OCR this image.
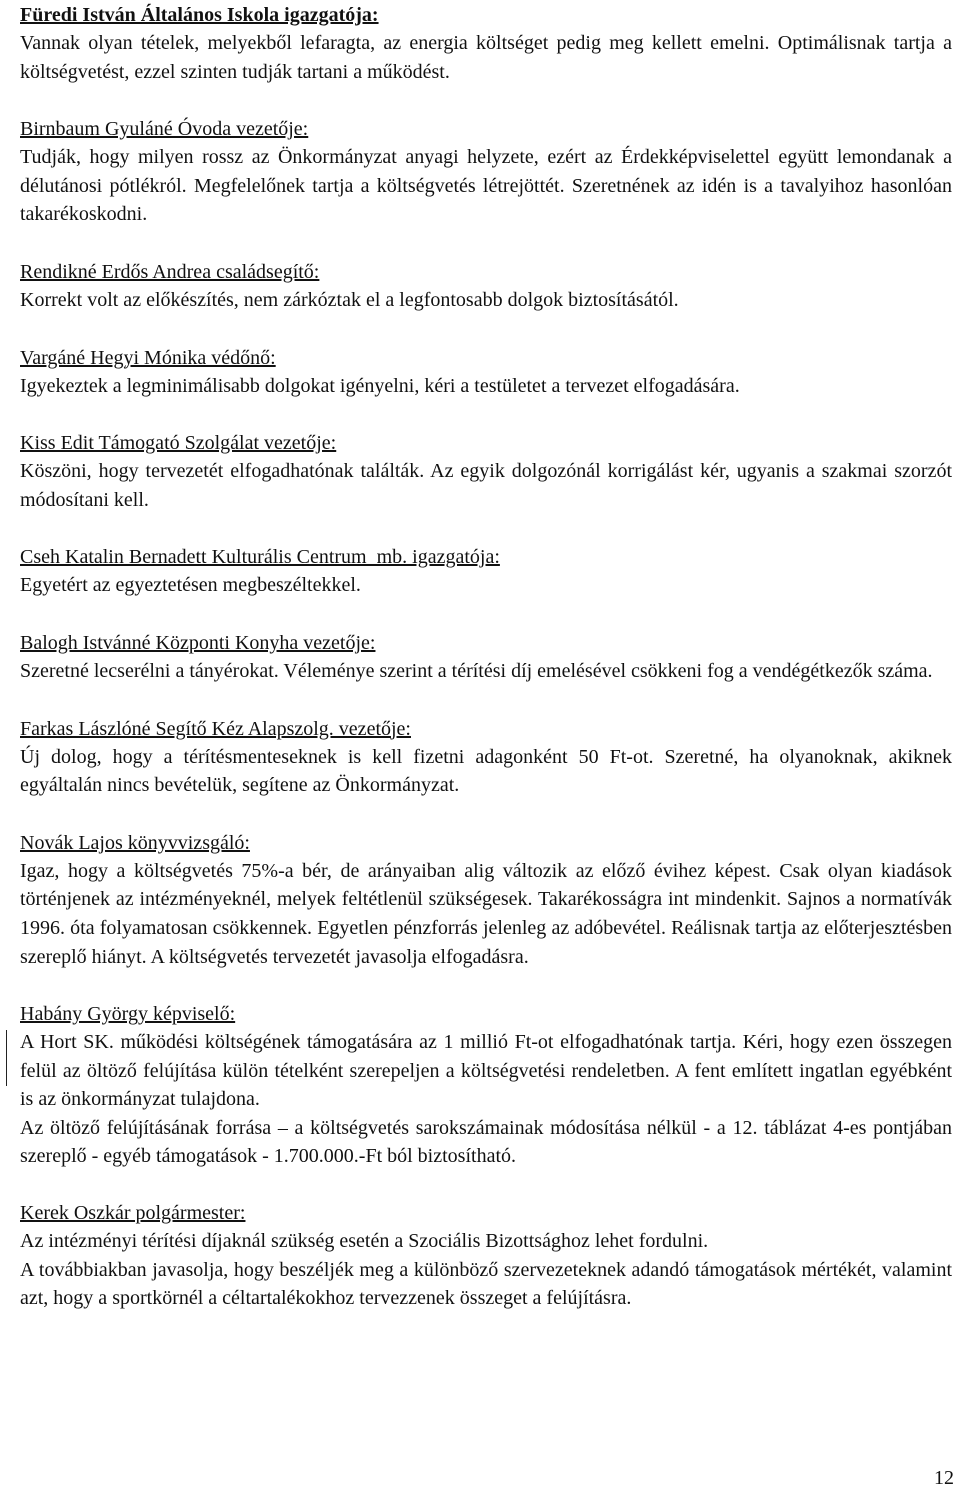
Füredi István Általános Iskola igazgatója:

Vannak olyan tételek, melyekből lefaragta, az energia költséget pedig meg kellett emelni. Optimálisnak tartja a költségvetést, ezzel szinten tudják tartani a működést.

Birnbaum Gyuláné Óvoda vezetője:

Tudják, hogy milyen rossz az Önkormányzat anyagi helyzete, ezért az Érdekképviselettel együtt lemondanak a délutánosi pótlékról. Megfelelőnek tartja a költségvetés létrejöttét. Szeretnének az idén is a tavalyihoz hasonlóan takarékoskodni.

Rendikné Erdős Andrea családsegítő:

Korrekt volt az előkészítés, nem zárkóztak el a legfontosabb dolgok biztosításától.

Vargáné Hegyi Mónika védőnő:

Igyekeztek a legminimálisabb dolgokat igényelni, kéri a testületet a tervezet elfogadására.

Kiss Edit Támogató Szolgálat vezetője:

Köszöni, hogy tervezetét elfogadhatónak találták. Az egyik dolgozónál korrigálást kér, ugyanis a szakmai szorzót módosítani kell.

Cseh Katalin Bernadett Kulturális Centrum  mb. igazgatója:

Egyetért az egyeztetésen megbeszéltekkel.

Balogh Istvánné Központi Konyha vezetője:

Szeretné lecserélni a tányérokat. Véleménye szerint a térítési díj emelésével csökkeni fog a vendégétkezők száma.

Farkas Lászlóné Segítő Kéz Alapszolg. vezetője:

Új dolog, hogy a térítésmenteseknek is kell fizetni adagonként 50 Ft-ot. Szeretné, ha olyanoknak, akiknek egyáltalán nincs bevételük, segítene az Önkormányzat.

Novák Lajos könyvvizsgáló:

Igaz, hogy a költségvetés 75%-a bér, de arányaiban alig változik az előző évihez képest. Csak olyan kiadások történjenek az intézményeknél, melyek feltétlenül szükségesek. Takarékosságra int mindenkit. Sajnos a normatívák 1996. óta folyamatosan csökkennek. Egyetlen pénzforrás jelenleg az adóbevétel. Reálisnak tartja az előterjesztésben szereplő hiányt. A költségvetés tervezetét javasolja elfogadásra.

Habány György képviselő:

A Hort SK. működési költségének támogatására az 1 millió Ft-ot elfogadhatónak tartja. Kéri, hogy ezen összegen felül az öltöző felújítása külön tételként szerepeljen a költségvetési rendeletben. A fent említett ingatlan egyébként is az önkormányzat tulajdona.

Az öltöző felújításának forrása – a költségvetés sarokszámainak módosítása nélkül - a 12. táblázat 4-es pontjában szereplő - egyéb támogatások - 1.700.000.-Ft ból biztosítható.

Kerek Oszkár polgármester:

Az intézményi térítési díjaknál szükség esetén a Szociális Bizottsághoz lehet fordulni.

A továbbiakban javasolja, hogy beszéljék meg a különböző szervezeteknek adandó támogatások mértékét, valamint azt, hogy a sportkörnél a céltartalékokhoz tervezzenek összeget a felújításra.

12
